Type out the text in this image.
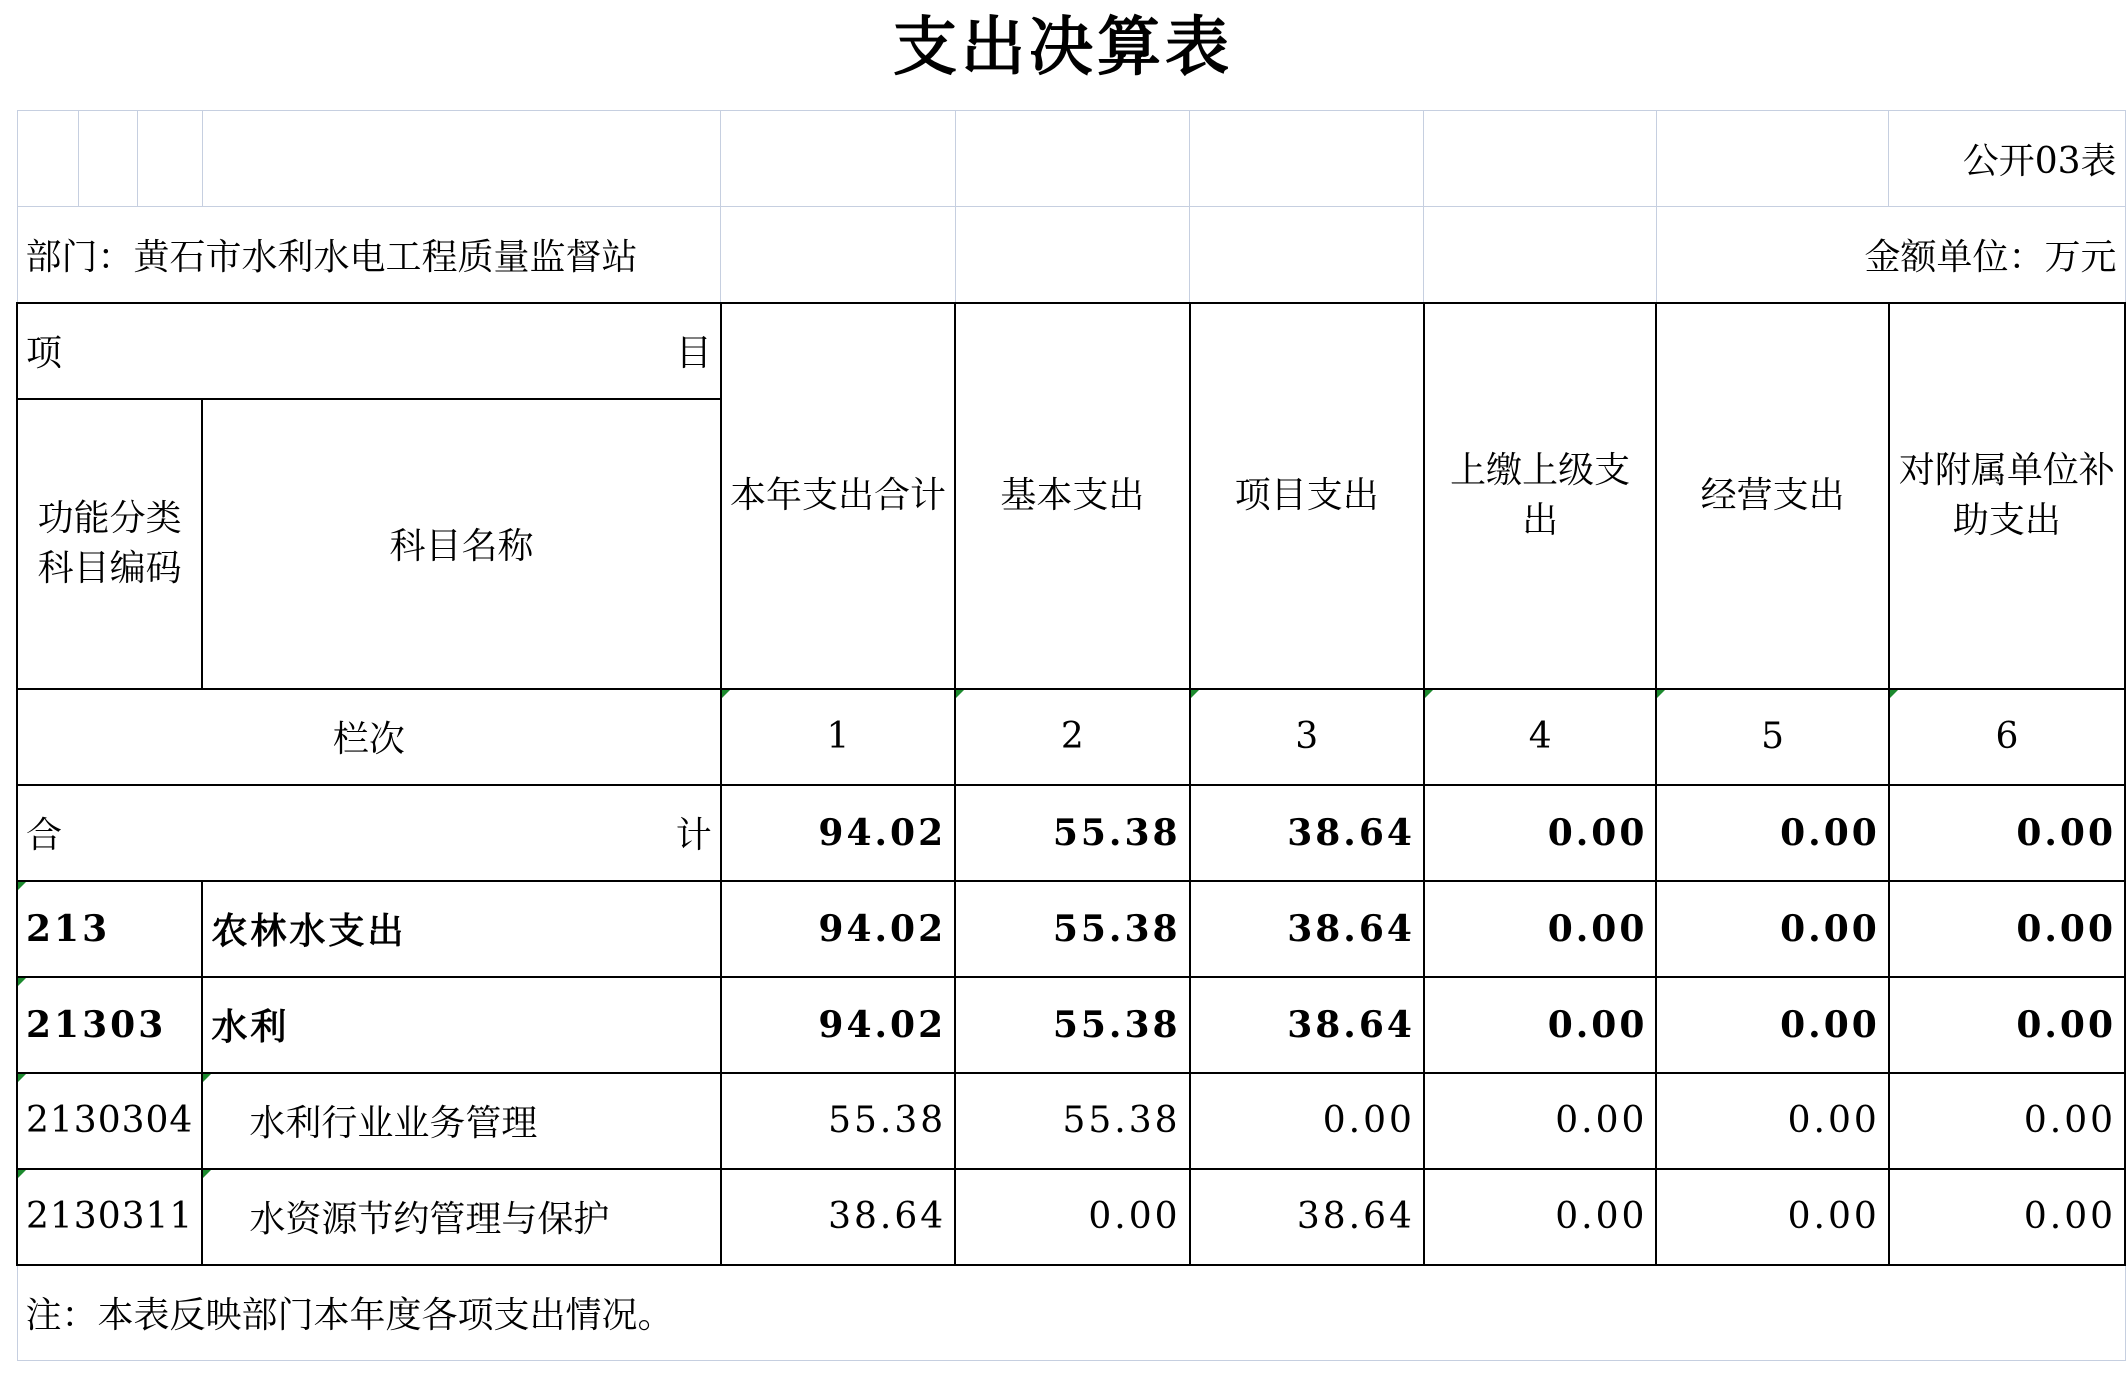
支出决算表
									公开03表
部门：黄石市水利水电工程质量监督站								金额单位：万元	

项 目				本年支出合计	基本支出	项目支出	上缴上级支出	经营支出	对附属单位补助支出
功能分类科目编码			科目名称						
栏次				1	2	3	4	5	6

合 计				94.02	55.38	38.64	0.00	0.00	0.00
213			农林水支出	94.02	55.38	38.64	0.00	0.00	0.00
21303			水利	94.02	55.38	38.64	0.00	0.00	0.00
2130304			水利行业业务管理	55.38	55.38	0.00	0.00	0.00	0.00
2130311			水资源节约管理与保护	38.64	0.00	38.64	0.00	0.00	0.00
注：本表反映部门本年度各项支出情况。									
